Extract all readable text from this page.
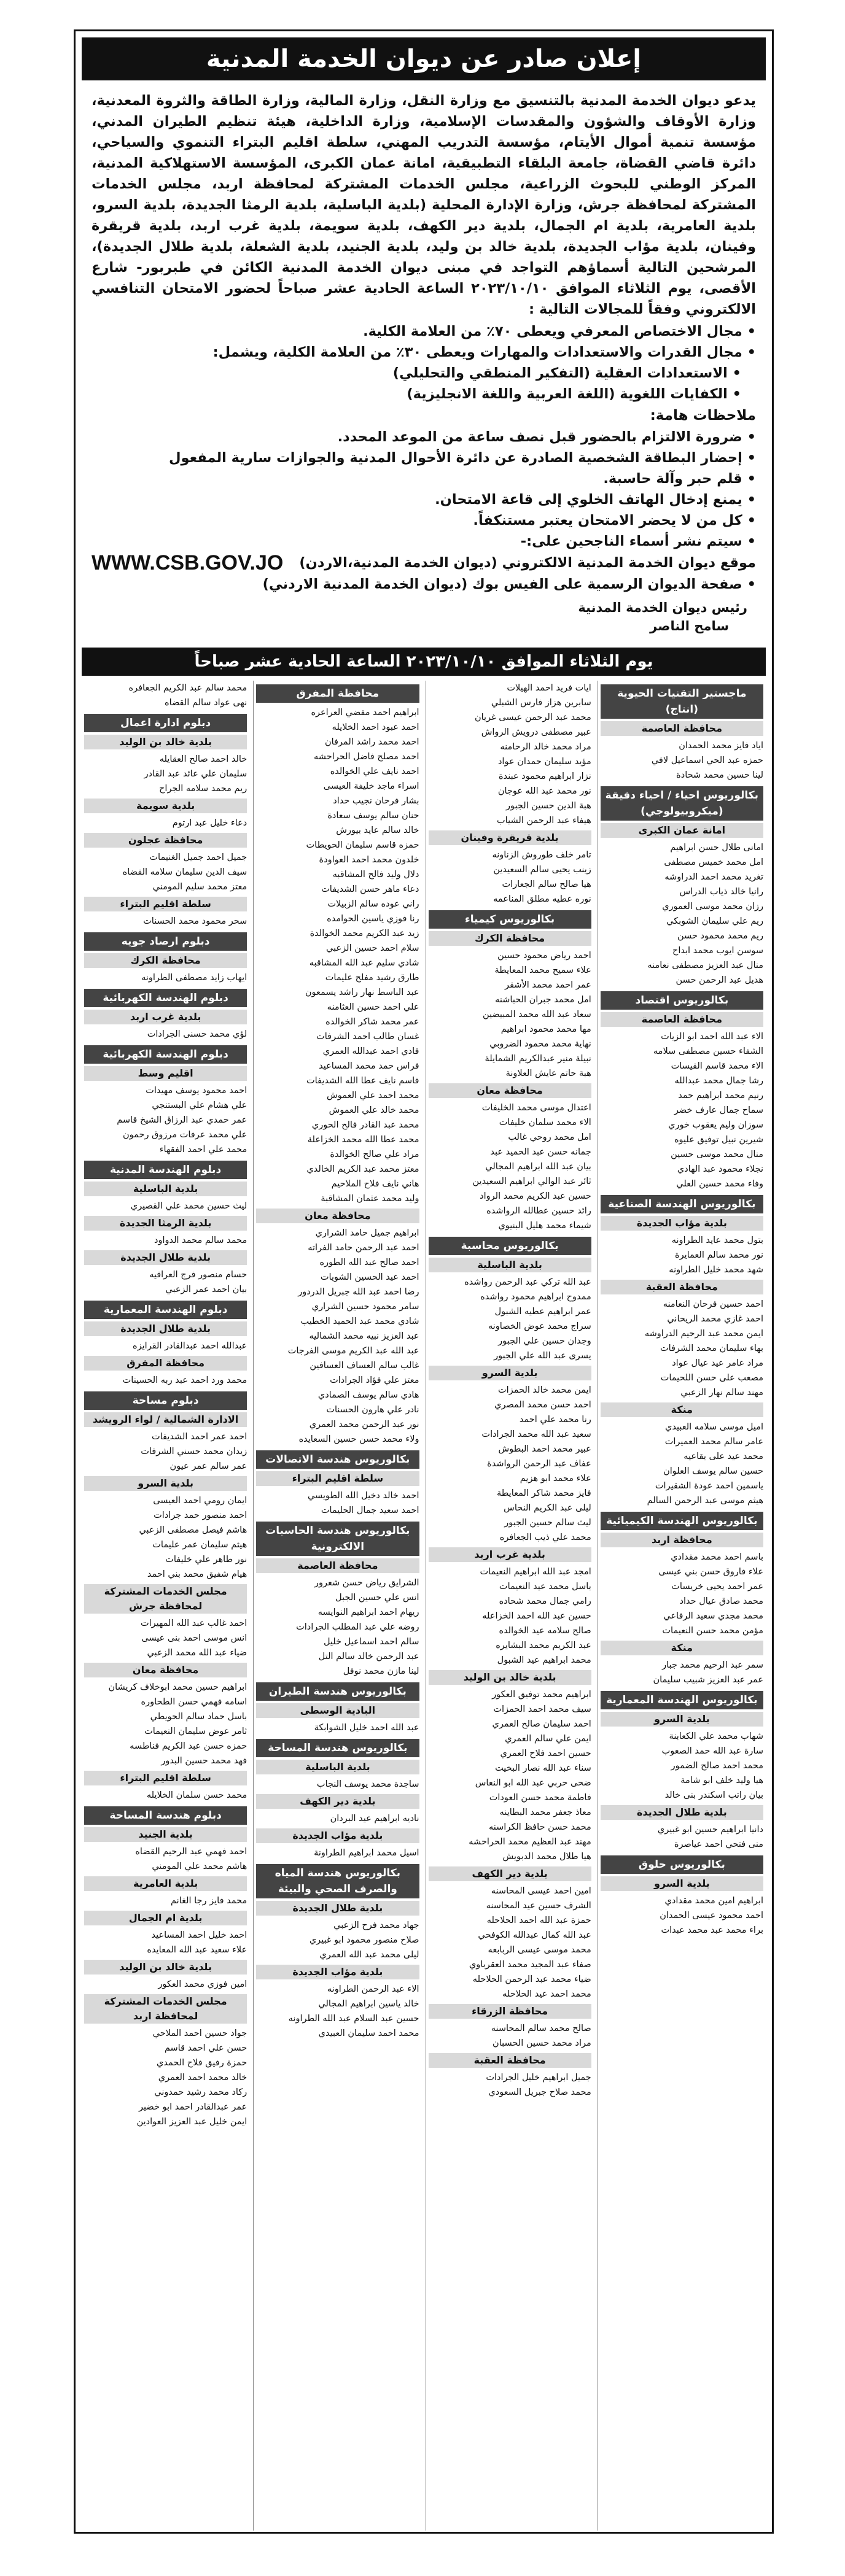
إعلان صادر عن ديوان الخدمة المدنية

يدعو ديوان الخدمة المدنية بالتنسيق مع وزارة النقل، وزارة المالية، وزارة الطاقة والثروة المعدنية، وزارة الأوقاف والشؤون والمقدسات الإسلامية، وزارة الداخلية، هيئة تنظيم الطيران المدني، مؤسسة تنمية أموال الأيتام، مؤسسة التدريب المهني، سلطة اقليم البتراء التنموي والسياحي، دائرة قاضي القضاة، جامعة البلقاء التطبيقية، امانة عمان الكبرى، المؤسسة الاستهلاكية المدنية، المركز الوطني للبحوث الزراعية، مجلس الخدمات المشتركة لمحافظة اربد، مجلس الخدمات المشتركة لمحافظة جرش، وزارة الإدارة المحلية (بلدية الباسلية، بلدية الرمثا الجديدة، بلدية السرو، بلدية العامرية، بلدية ام الجمال، بلدية دير الكهف، بلدية سويمة، بلدية غرب اربد، بلدية قريقرة وفينان، بلدية مؤاب الجديدة، بلدية خالد بن وليد، بلدية الجنيد، بلدية الشعلة، بلدية طلال الجديدة)، المرشحين التالية أسماؤهم التواجد في مبنى ديوان الخدمة المدنية الكائن في طبربور- شارع الأقصى، يوم الثلاثاء الموافق ٢٠٢٣/١٠/١٠ الساعة الحادية عشر صباحاً لحضور الامتحان التنافسي الالكتروني وفقاً للمجالات التالية :

• مجال الاختصاص المعرفي ويعطى ٧٠٪ من العلامة الكلية.
• مجال القدرات والاستعدادات والمهارات ويعطى ٣٠٪ من العلامة الكلية، ويشمل:
• الاستعدادات العقلية (التفكير المنطقي والتحليلي)
• الكفايات اللغوية (اللغة العربية واللغة الانجليزية)
ملاحظات هامة:
• ضرورة الالتزام بالحضور قبل نصف ساعة من الموعد المحدد.
• إحضار البطاقة الشخصية الصادرة عن دائرة الأحوال المدنية والجوازات سارية المفعول
• قلم حبر وآلة حاسبة.
• يمنع إدخال الهاتف الخلوي إلى قاعة الامتحان.
• كل من لا يحضر الامتحان يعتبر مستنكفاً.
• سيتم نشر أسماء الناجحين على:-
موقع ديوان الخدمة المدنية الالكتروني (ديوان الخدمة المدنية،الاردن)
WWW.CSB.GOV.JO
• صفحة الديوان الرسمية على الفيس بوك (ديوان الخدمة المدنية الاردني)
رئيس ديوان الخدمة المدنية
سامح الناصر
يوم الثلاثاء الموافق ٢٠٢٣/١٠/١٠ الساعة الحادية عشر صباحاً
ماجستير التقنيات الحيوية (انتاج)
محافظة العاصمة
اياد فايز محمد الحمدان
حمزه عبد الحي اسماعيل لافي
لينا حسين محمد شحادة
بكالوريوس احياء / احياء دقيقة (ميكروبيولوجي)
امانة عمان الكبرى
امانى طلال حسن ابراهيم
امل محمد خميس مصطفى
تغريد محمد احمد الدراوشه
رانيا خالد ذياب الدراس
رزان محمد موسى العموري
ريم علي سليمان الشوبكي
ريم محمد محمود حسن
سوسن ايوب محمد ابداح
منال عبد العزيز مصطفى نعامنه
هديل عبد الرحمن حسن
بكالوريوس اقتصاد
محافظة العاصمة
الاء عبد الله احمد ابو الزيات
الشفاء حسين مصطفى سلامه
الاء محمد قاسم القيسات
رشا جمال محمد عبدالله
رنيم محمد ابراهيم حمد
سماح جمال عارف خضر
سوزان وليم يعقوب خوري
شيرين نبيل توفيق عليوه
منال محمد موسى حسين
نجلاء محمود عبد الهادي
وفاء محمد حسين العلي
بكالوريوس الهندسة الصناعية
بلدية مؤاب الجديدة
بتول محمد عايد الطراونه
نور محمد سالم العمايرة
شهد محمد خليل الطراونه
محافظة العقبة
احمد حسين فرحان النعامنه
احمد غازي محمد الريحاني
ايمن محمد عبد الرحيم الدراوشه
بهاء سليمان محمد الشرفات
مراد عامر عيد عيال عواد
مصعب على حسن اللحيمات
مهند سالم نهار الزعبي
منكة
اميل موسى سلامه العبيدي
عامر سالم محمد العميرات
محمد عيد على بقاعيه
حسين سالم يوسف العلوان
ياسمين احمد عودة الشقيرات
هيثم موسى عبد الرحمن السالم
بكالوريوس الهندسة الكيميائية
محافظة اربد
باسم احمد محمد مقدادي
علاء فاروق حسن بني عيسى
عمر احمد يحيى خريسات
محمد صادق عيال حداد
محمد مجدي سعيد الرفاعي
مؤمن محمد حسن النعيمات
منكة
سمر عبد الرحيم محمد جبار
عمر عبد العزيز شبيب سليمان
بكالوريوس الهندسة المعمارية
بلدية السرو
شهاب محمد علي الكعابنة
سارة عبد الله حمد الصعوب
محمد احمد صالح الضمور
هيا وليد خلف ابو شامة
بيان راتب اسكندر بنى خالد
بلدية طلال الجديدة
دانيا ابراهيم حسين ابو غبيري
منى فتحي احمد عياصرة
بكالوريوس حلوق
بلدية السرو
ابراهيم امين محمد مقدادي
احمد محمود عيسى الحمدان
براء محمد عبد محمد عبدات
ايات فريد احمد الهيلات
سابرين هزاز فارس الشبلي
محمد عبد الرحمن عيسى غريان
عبير مصطفى درويش الرواش
مراد محمد خالد الرحامنه
مؤيد سليمان حمدان عواد
نزار ابراهيم محمود عبندة
نور محمد عبد الله عوجان
هبة الدين حسين الجبور
هيفاء عبد الرحمن الشياب
بلدية قريقرة وفينان
تامر خلف طوروش الزناونه
زينب يحيى سالم السعيدين
هيا صالح سالم الجعارات
نوره عطيه مطلق المناعمه
بكالوريوس كيمياء
محافظة الكرك
احمد رياض محمود حسين
علاء سميح محمد المعايطة
عمر احمد محمد الأشقر
امل محمد جبران الحباشنه
سعاد عبد الله محمد المبيضين
مها محمد محمود ابراهيم
نهاية محمد محمود الضروبي
نبيلة منير عبدالكريم الشمايلة
هبة حاتم عايش العلاونة
محافظة معان
اعتدال موسى محمد الخليفات
الاء محمد سلمان خليفات
امل محمد روحي غالب
جمانه حسن عبد الحميد عبد
بيان عبد الله ابراهيم المجالي
ثائر عبد الوالي ابراهيم السعيدين
حسين عبد الكريم محمد الرواد
رائد حسين عطالله الرواشده
شيماء محمد هليل البنيوي
بكالوريوس محاسبة
بلدية الباسلية
عبد الله تركي عبد الرحمن رواشده
ممدوح ابراهيم محمود رواشده
عمر ابراهيم عطيه الشبول
سراج محمد عوض الخصاونه
وجدان حسين علي الجبور
يسرى عبد الله علي الجبور
بلدية السرو
ايمن محمد خالد الحمزات
احمد حسن محمد المصري
رنا محمد علي احمد
سعيد عبد الله محمد الجرادات
عبير محمد احمد البطوش
عفاف عبد الرحمن الرواشدة
علاء محمد ابو هزيم
فايز محمد شاكر المعايطة
ليلى عبد الكريم النحاس
ليث سالم حسين الجبور
محمد علي ذيب الجعافره
بلدية غرب اربد
امجد عبد الله ابراهيم النعيمات
باسل محمد عيد النعيمات
رامي جمال محمد شحاده
حسين عبد الله احمد الخزاعله
صالح سلامه عيد الخوالده
عبد الكريم محمد البشايره
محمد ابراهيم عيد الشبول
بلدية خالد بن الوليد
ابراهيم محمد توفيق العكور
سيف محمد احمد الحمزات
احمد سليمان صالح العمري
ايمن علي سالم العمري
حسين احمد فلاح العمري
سناء عبد الله نصار البخيت
ضحى حربي عبد الله ابو النعاس
فاطمة محمد حسن العودات
معاذ جعفر محمد البطاينه
محمد حسن حافظ الكراسنه
مهند عبد العظيم محمد الحراحشه
هيا طلال محمد الدبويش
بلدية دير الكهف
امين احمد عيسى المحاسنه
الشرف حسين عيد المحاسنه
حمزة عبد الله احمد الحلاحله
عبد الله كمال عبدالله الكوفحي
محمد موسى عيسى الربابعه
صفاء عبد المجيد محمد العقرباوي
ضياء محمد عبد الرحمن الحلاحله
محمد احمد عيد الحلاحله
محافظة الزرقاء
صالح محمد سالم المحاسنه
مراد محمد حسين الحسبان
محافظة العقبة
جميل ابراهيم خليل الجرادات
محمد صلاح جبريل السعودي
محافظة المفرق
ابراهيم احمد مفضي العراعره
احمد عبود احمد الخلايله
احمد محمد راشد المرفان
احمد مصلح فاضل الحراحشه
احمد نايف علي الخوالده
اسراء ماجد خليفة العيسى
بشار فرحان نجيب حداد
حنان سالم يوسف سعادة
خالد سالم عايد بيورش
حمزه قاسم سليمان الحويطات
خلدون محمد احمد العواودة
دلال وليد فالح المشاقبه
دعاء ماهر حسن الشديفات
راني عوده سالم الزبيلات
رنا فوزي ياسين الحوامده
زيد عبد الكريم محمد الخوالدة
سلام احمد حسين الزعبي
شادي سليم عبد الله المشاقبه
طارق رشيد مفلح عليمات
عبد الباسط نهار راشد يسمعون
علي احمد حسين العثامنه
عمر محمد شاكر الخوالده
غسان طالب احمد الشرفات
فادي احمد عبدالله العمري
فراس حمد محمد المساعيد
قاسم نايف عطا الله الشديفات
محمد احمد علي العموش
محمد خالد علي العموش
محمد عبد القادر فالح الحوري
محمد عطا الله محمد الخزاعلة
مراد علي صالح الخوالدة
معتز محمد عبد الكريم الخالدي
هاني نايف فلاح الملاحيم
وليد محمد عثمان المشاقبة
محافظة معان
ابراهيم جميل حامد الشراري
احمد عبد الرحمن حامد الفراته
احمد صالح عبد الله الطوره
احمد عيد الحسين الشويات
رضا احمد عبد الله جبريل الدردور
سامر محمود حسين الشراري
شادي محمد عبد الحميد الخطيب
عبد العزيز نبيه محمد الشماليه
عبد الله عبد الكريم موسى الفرجات
غالب سالم العساف العسافين
معتز علي فؤاد الجرادات
هادي سالم يوسف الصمادي
نادر علي هارون الحسنات
نور عبد الرحمن محمد العمري
ولاء محمد حسن حسين السعايده
بكالوريوس هندسة الاتصالات
سلطة اقليم البتراء
احمد خالد دخيل الله الطويسي
احمد سعيد جمال الحليمات
بكالوريوس هندسة الحاسبات الالكترونية
محافظة العاصمة
الشرايق رياض حسن شعرور
انس علي حسين الجبل
ريهام احمد ابراهيم النوايسه
روضه علي عبد المطلب الجرادات
سالم احمد اسماعيل خليل
عبد الرحمن خالد سالم التل
لينا مازن محمد نوفل
بكالوريوس هندسة الطيران
البادية الوسطى
عبد الله احمد خليل الشوابكة
بكالوريوس هندسة المساحة
بلدية الباسلية
ساجدة محمد يوسف النجاب
بلدية دير الكهف
ناديه ابراهيم عيد البردان
بلدية مؤاب الجديدة
اسيل محمد ابراهيم الطراونة
بكالوريوس هندسة المياه والصرف الصحي والبيئة
بلدية طلال الجديدة
جهاد محمد فرح الزعبي
صلاح منصور محمود ابو غبيري
ليلى محمد عبد الله العمري
بلدية مؤاب الجديدة
الاء عبد الرحمن الطراونه
خالد ياسين ابراهيم المجالي
حسين عبد السلام عبد الله الطراونه
محمد احمد سليمان العبيدي
محمد سالم عبد الكريم الجعافره
نهى عواد سالم القضاه
دبلوم ادارة اعمال
بلدية خالد بن الوليد
خالد احمد صالح العقايله
سليمان علي عائد عبد القادر
ريم محمد سلامه الجراح
بلدية سويمة
دعاء خليل عبد ارتوم
محافظة عجلون
جميل احمد جميل الغنيمات
سيف الدين سليمان سلامه القضاه
معتز محمد سليم المومني
سلطة اقليم البتراء
سحر محمود محمد الحسنات
دبلوم ارصاد جويه
محافظة الكرك
ايهاب زايد مصطفى الطراونه
دبلوم الهندسة الكهربائية
بلدية غرب اربد
لؤي محمد حسنى الجرادات
دبلوم الهندسة الكهربائية
اقليم وسط
احمد محمود يوسف مهيدات
علي هشام علي البستنجي
عمر حمدي عبد الرزاق الشيخ قاسم
علي محمد عرفات مرزوق رحمون
محمد علي احمد الفقهاء
دبلوم الهندسة المدنية
بلدية الباسلية
ليث حسين محمد علي القصيري
بلدية الرمثا الجديدة
محمد سالم محمد الدواود
بلدية طلال الجديدة
حسام منصور فرج العراقيه
بيان احمد عمر الزعبي
دبلوم الهندسة المعمارية
بلدية طلال الجديدة
عبدالله احمد عبدالقادر القرايزه
محافظة المفرق
محمد ورد احمد عبد ربه الحسينات
دبلوم مساحة
الادارة الشمالية / لواء الرويشد
احمد عمر احمد الشديفات
زيدان محمد حسني الشرفات
عمر سالم عمر عيون
بلدية السرو
ايمان رومي احمد العيسى
احمد منصور حمد جرادات
هاشم فيصل مصطفى الزعبي
هيثم سليمان عمر عليمات
نور طاهر علي خليفات
هيام شفيق محمد بني احمد
مجلس الخدمات المشتركة لمحافظة جرش
احمد غالب عبد الله المهيرات
انس موسى احمد بنى عيسى
ضياء عبد الله محمد الزعبي
محافظة معان
ابراهيم حسين محمد ابوخلاف كريشان
اسامه فهمي حسن الطحاوره
باسل حماد سالم الحويطي
ثامر عوض سليمان النعيمات
حمزه حسن عبد الكريم فناطسه
فهد محمد حسين البدور
سلطة اقليم البتراء
محمد حسن سلمان الخلايله
دبلوم هندسة المساحة
بلدية الجنيد
احمد فهمي عبد الرحيم القضاه
هاشم محمد علي المومني
بلدية العامرية
محمد فايز رجا الغانم
بلدية ام الجمال
احمد خليل احمد المساعيد
علاء سعيد عبد الله المعايده
بلدية خالد بن الوليد
امين فوزي محمد العكور
مجلس الخدمات المشتركة لمحافظة اربد
جواد حسين احمد الملاحي
حسن علي احمد قاسم
حمزة رفيق فلاح الحمدي
خالد محمد احمد العمري
ركاد محمد رشيد حمدوني
عمر عبدالقادر احمد ابو خضير
ايمن خليل عبد العزيز العوادين
